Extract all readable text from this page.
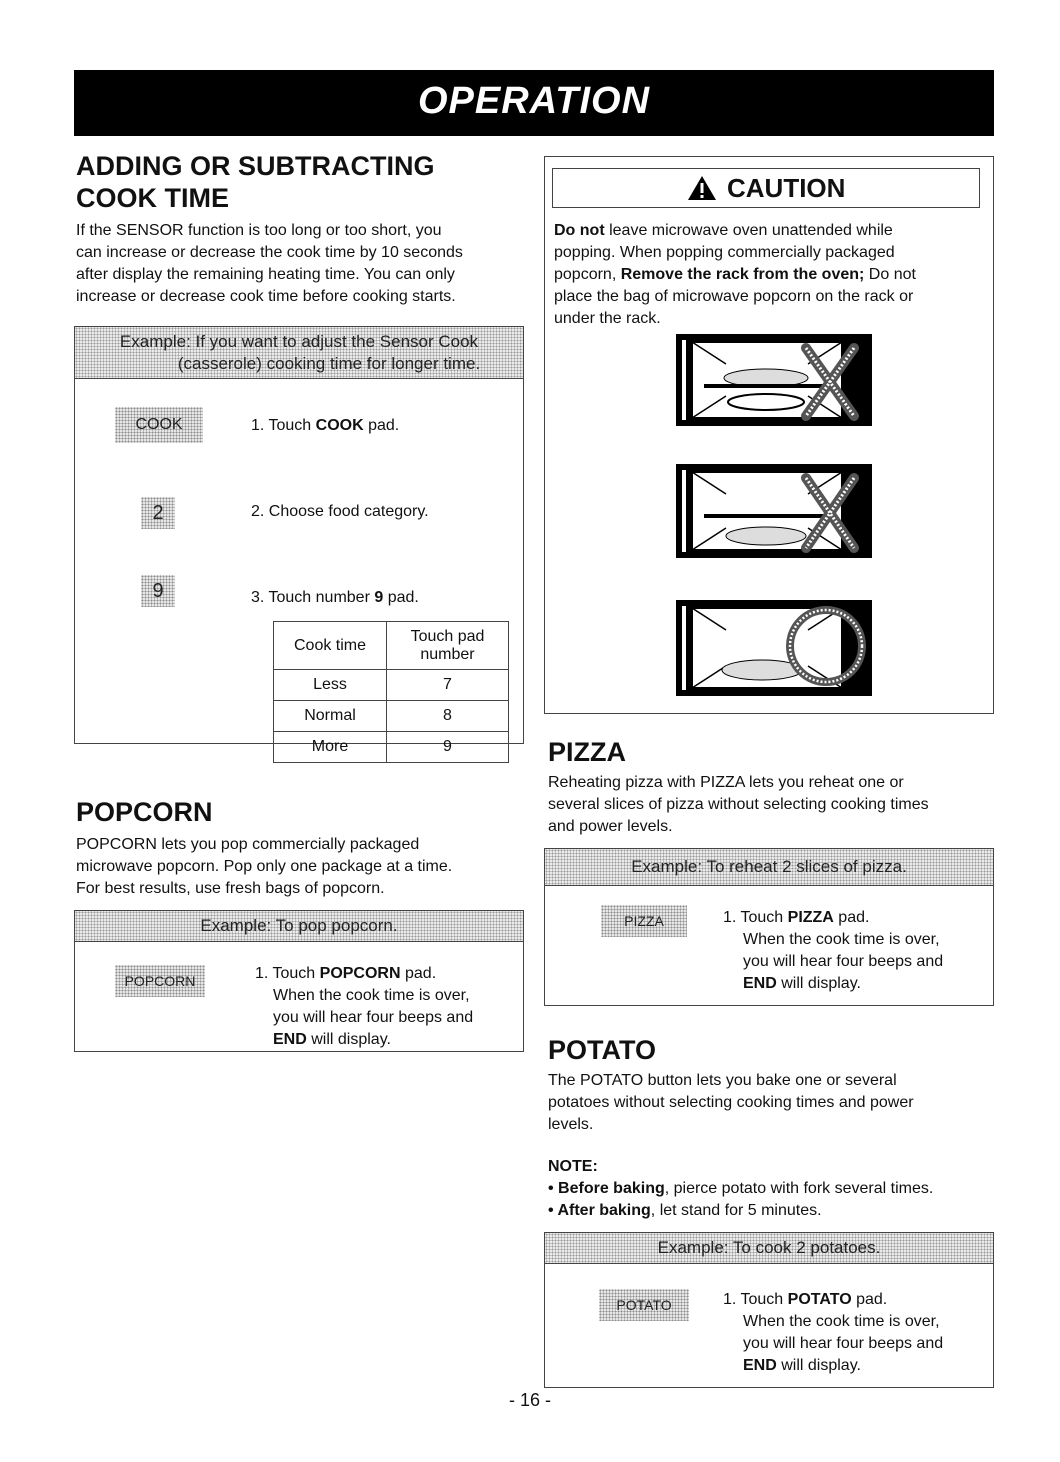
OPERATION
ADDING OR SUBTRACTING
COOK TIME
If the SENSOR function is too long or too short, you
can increase or decrease the cook time by 10 seconds
after display the remaining heating time. You can only
increase or decrease cook time before cooking starts.
Example: If you want to adjust the Sensor Cook
(casserole) cooking time for longer time.
COOK	1. Touch COOK pad.
2	2. Choose food category.
9	3. Touch number 9 pad.
Cook time	Touch pad
number

Less	7
Normal	8
More	9
POPCORN
POPCORN lets you pop commercially packaged
microwave popcorn. Pop only one package at a time.
For best results, use fresh bags of popcorn.
Example: To pop popcorn.
POPCORN	1. Touch POPCORN pad.
When the cook time is over,
you will hear four beeps and
END will display.
CAUTION
Do not leave microwave oven unattended while
popping. When popping commercially packaged
popcorn, Remove the rack from the oven; Do not
place the bag of microwave popcorn on the rack or
under the rack.
PIZZA
Reheating pizza with PIZZA lets you reheat one or
several slices of pizza without selecting cooking times
and power levels.
Example: To reheat 2 slices of pizza.
PIZZA	1. Touch PIZZA pad.
When the cook time is over,
you will hear four beeps and
END will display.
POTATO
The POTATO button lets you bake one or several
potatoes without selecting cooking times and power
levels.
NOTE:
• Before baking, pierce potato with fork several times.
• After baking, let stand for 5 minutes.
Example: To cook 2 potatoes.
POTATO	1. Touch POTATO pad.
When the cook time is over,
you will hear four beeps and
END will display.
- 16 -
